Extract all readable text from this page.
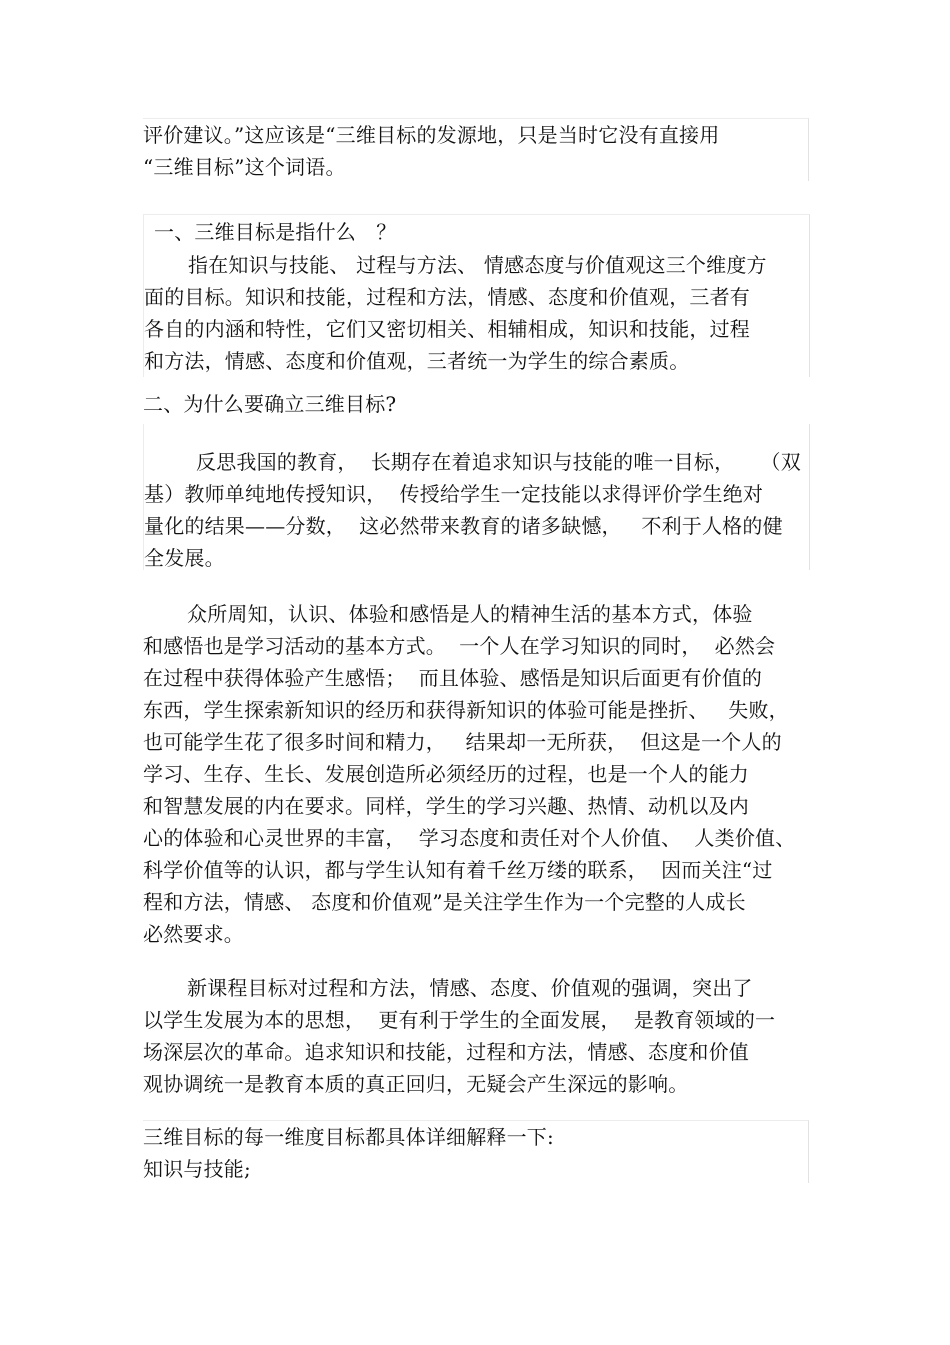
评价建议。”这应该是“三维目标的发源地，只是当时它没有直接用
“三维目标”这个词语。
一、三维目标是指什么　？
指在知识与技能、 过程与方法、 情感态度与价值观这三个维度方
面的目标。知识和技能，过程和方法，情感、态度和价值观，三者有
各自的内涵和特性，它们又密切相关、相辅相成，知识和技能，过程
和方法，情感、态度和价值观，三者统一为学生的综合素质。
二、为什么要确立三维目标?
反思我国的教育，  长期存在着追求知识与技能的唯一目标，    （双
基）教师单纯地传授知识，  传授给学生一定技能以求得评价学生绝对
量化的结果——分数，  这必然带来教育的诸多缺憾，   不利于人格的健
全发展。
众所周知，认识、体验和感悟是人的精神生活的基本方式，体验
和感悟也是学习活动的基本方式。  一个人在学习知识的同时，  必然会
在过程中获得体验产生感悟；  而且体验、感悟是知识后面更有价值的
东西，学生探索新知识的经历和获得新知识的体验可能是挫折、   失败，
也可能学生花了很多时间和精力，   结果却一无所获，  但这是一个人的
学习、生存、生长、发展创造所必须经历的过程，也是一个人的能力
和智慧发展的内在要求。同样，学生的学习兴趣、热情、动机以及内
心的体验和心灵世界的丰富，  学习态度和责任对个人价值、  人类价值、
科学价值等的认识，都与学生认知有着千丝万缕的联系，  因而关注“过
程和方法，情感、 态度和价值观”是关注学生作为一个完整的人成长
必然要求。
新课程目标对过程和方法，情感、态度、价值观的强调，突出了
以学生发展为本的思想，  更有利于学生的全面发展，  是教育领域的一
场深层次的革命。追求知识和技能，过程和方法，情感、态度和价值
观协调统一是教育本质的真正回归，无疑会产生深远的影响。
三维目标的每一维度目标都具体详细解释一下:
知识与技能;
